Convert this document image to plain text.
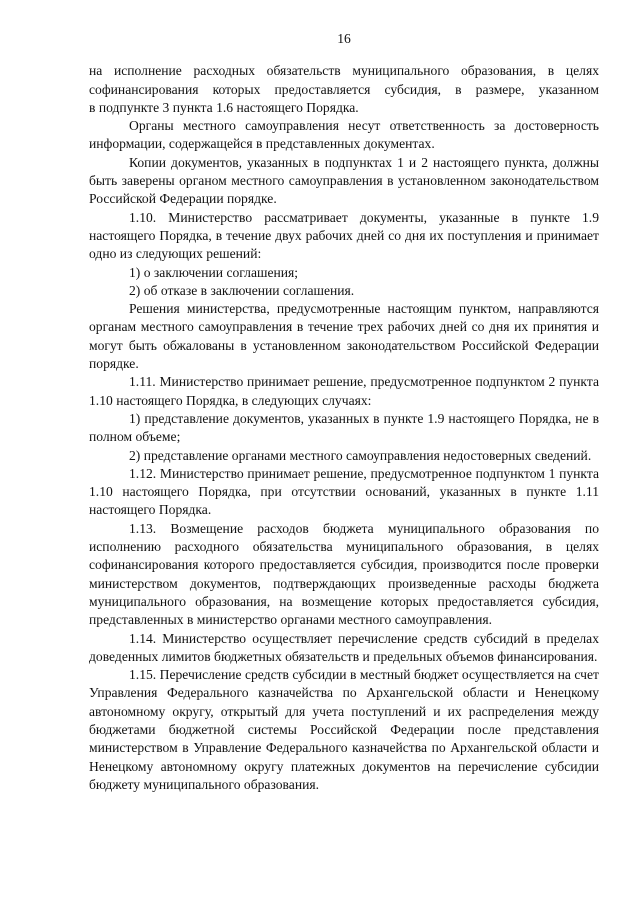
16

на исполнение расходных обязательств муниципального образования, в целях софинансирования которых предоставляется субсидия, в размере, указанном

в подпункте 3 пункта 1.6 настоящего Порядка.

Органы местного самоуправления несут ответственность за достоверность информации, содержащейся в представленных документах.

Копии документов, указанных в подпунктах 1 и 2 настоящего пункта, должны быть заверены органом местного самоуправления в установленном законодательством Российской Федерации порядке.

1.10. Министерство рассматривает документы, указанные в пункте 1.9 настоящего Порядка, в течение двух рабочих дней со дня их поступления и принимает одно из следующих решений:

1) о заключении соглашения;

2) об отказе в заключении соглашения.

Решения министерства, предусмотренные настоящим пунктом, направляются органам местного самоуправления в течение трех рабочих дней со дня их принятия и могут быть обжалованы в установленном законодательством Российской Федерации порядке.

1.11. Министерство принимает решение, предусмотренное подпунктом 2 пункта 1.10 настоящего Порядка, в следующих случаях:

1) представление документов, указанных в пункте 1.9 настоящего Порядка, не в полном объеме;

2) представление органами местного самоуправления недостоверных сведений.

1.12. Министерство принимает решение, предусмотренное подпунктом 1 пункта 1.10 настоящего Порядка, при отсутствии оснований, указанных в пункте 1.11 настоящего Порядка.

1.13. Возмещение расходов бюджета муниципального образования по исполнению расходного обязательства муниципального образования, в целях софинансирования которого предоставляется субсидия, производится после проверки министерством документов, подтверждающих произведенные расходы бюджета муниципального образования, на возмещение которых предоставляется субсидия, представленных в министерство органами местного самоуправления.

1.14. Министерство осуществляет перечисление средств субсидий в пределах доведенных лимитов бюджетных обязательств и предельных объемов финансирования.

1.15. Перечисление средств субсидии в местный бюджет осуществляется на счет Управления Федерального казначейства по Архангельской области и Ненецкому автономному округу, открытый для учета поступлений и их распределения между бюджетами бюджетной системы Российской Федерации после представления министерством в Управление Федерального казначейства по Архангельской области и Ненецкому автономному округу платежных документов на перечисление субсидии бюджету муниципального образования.
